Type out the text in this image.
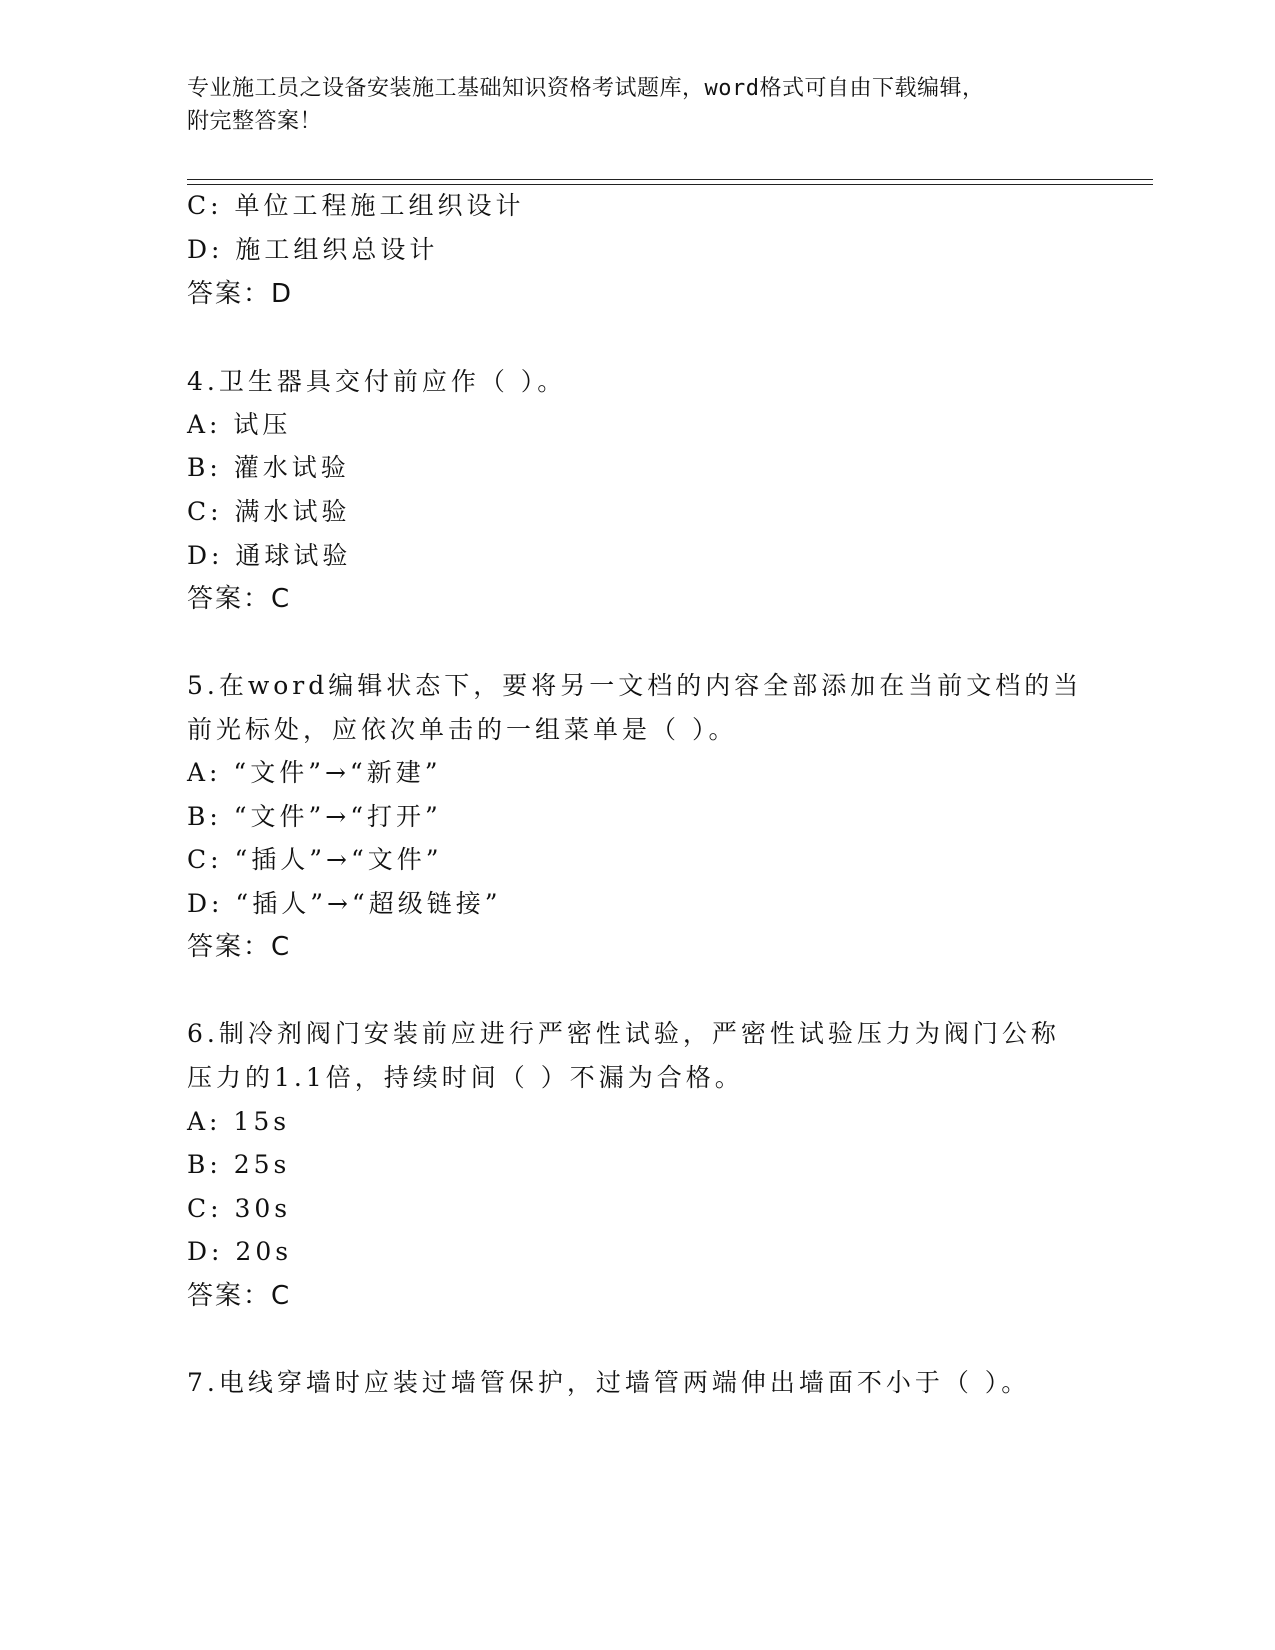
专业施工员之设备安装施工基础知识资格考试题库，word格式可自由下载编辑，
附完整答案！
C: 单位工程施工组织设计
D: 施工组织总设计
答案：D
4.卫生器具交付前应作（ ）。
A: 试压
B: 灌水试验
C: 满水试验
D: 通球试验
答案：C
5.在word编辑状态下，要将另一文档的内容全部添加在当前文档的当
前光标处，应依次单击的一组菜单是（ ）。
A: “文件”→“新建”
B: “文件”→“打开”
C: “插人”→“文件”
D: “插人”→“超级链接”
答案：C
6.制冷剂阀门安装前应进行严密性试验，严密性试验压力为阀门公称
压力的1.1倍，持续时间（ ）不漏为合格。
A: 15s
B: 25s
C: 30s
D: 20s
答案：C
7.电线穿墙时应装过墙管保护，过墙管两端伸出墙面不小于（ ）。
